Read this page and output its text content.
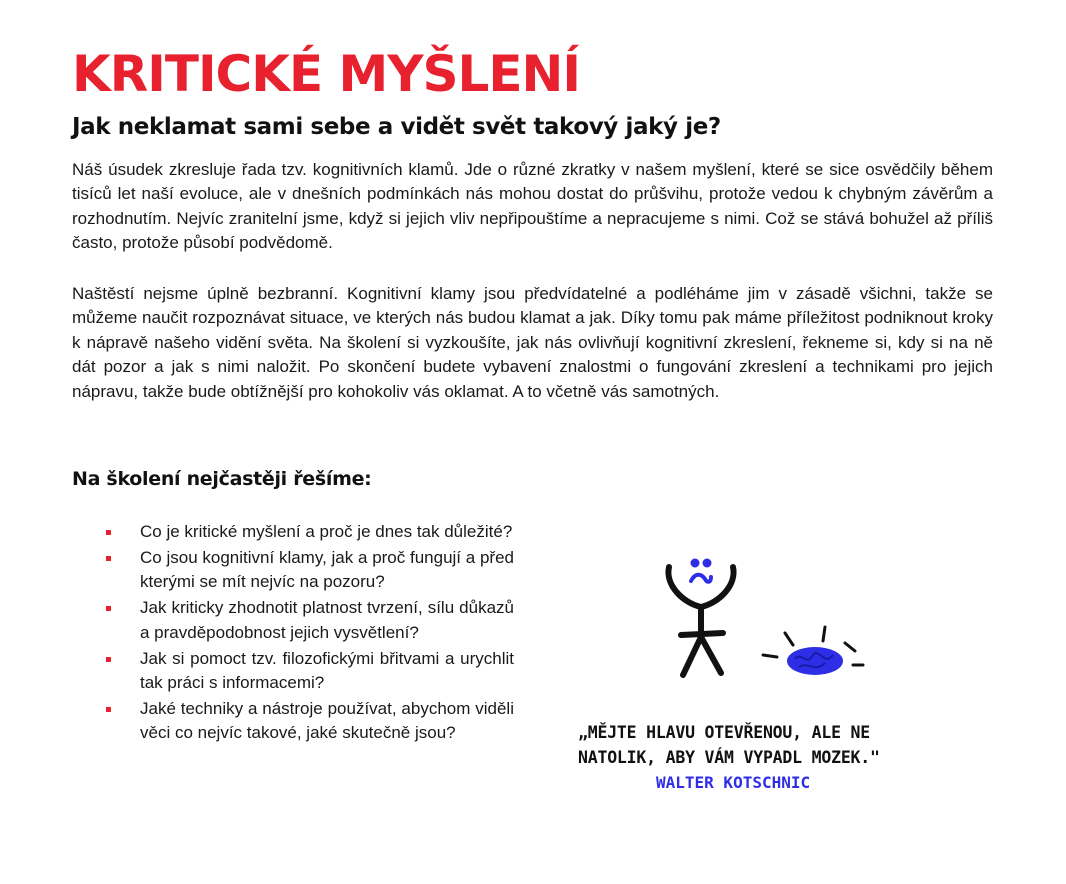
KRITICKÉ MYŠLENÍ
Jak neklamat sami sebe a vidět svět takový jaký je?

Náš úsudek zkresluje řada tzv. kognitivních klamů. Jde o různé zkratky v našem myšlení, které se sice osvědčily během tisíců let naší evoluce, ale v dnešních podmínkách nás mohou dostat do průšvihu, protože vedou k chybným závěrům a rozhodnutím. Nejvíc zranitelní jsme, když si jejich vliv nepřipouštíme a nepracujeme s nimi. Což se stává bohužel až příliš často, protože působí podvědomě.

Naštěstí nejsme úplně bezbranní. Kognitivní klamy jsou předvídatelné a podléháme jim v zásadě všichni, takže se můžeme naučit rozpoznávat situace, ve kterých nás budou klamat a jak. Díky tomu pak máme příležitost podniknout kroky k nápravě našeho vidění světa. Na školení si vyzkoušíte, jak nás ovlivňují kognitivní zkreslení, řekneme si, kdy si na ně dát pozor a jak s nimi naložit. Po skončení budete vybavení znalostmi o fungování zkreslení a technikami pro jejich nápravu, takže bude obtížnější pro kohokoliv vás oklamat. A to včetně vás samotných.

Na školení nejčastěji řešíme:
Co je kritické myšlení a proč je dnes tak důležité?
Co jsou kognitivní klamy, jak a proč fungují a před kterými se mít nejvíc na pozoru?
Jak kriticky zhodnotit platnost tvrzení, sílu důkazů a pravděpodobnost jejich vysvětlení?
Jak si pomoct tzv. filozofickými břitvami a urychlit tak práci s informacemi?
Jaké techniky a nástroje používat, abychom viděli věci co nejvíc takové, jaké skutečně jsou?	„MĚJTE HLAVU OTEVŘENOU, ALE NE
NATOLIK, ABY VÁM VYPADL MOZEK."

WALTER KOTSCHNIC
